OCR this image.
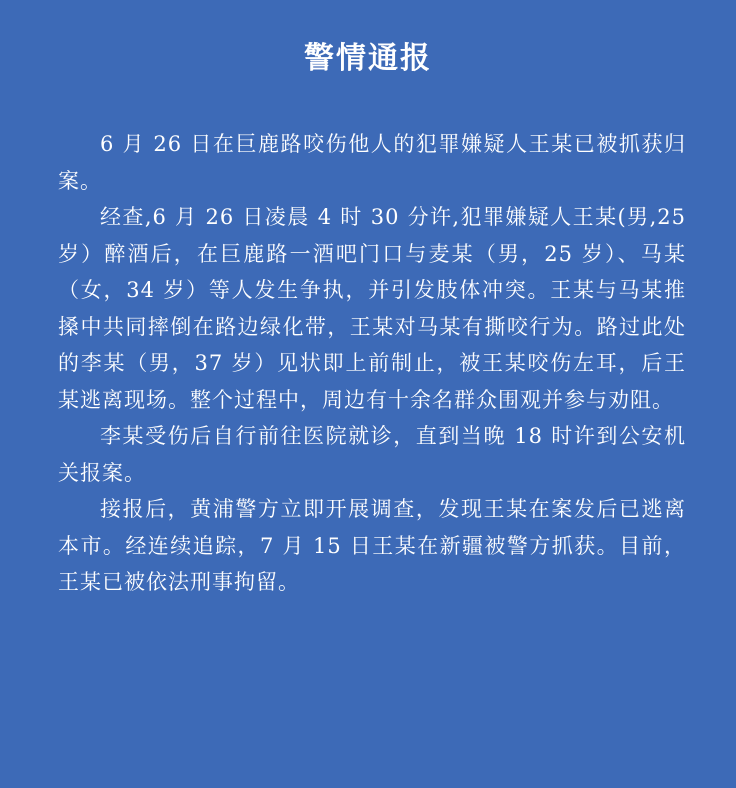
警情通报

6 月 26 日在巨鹿路咬伤他人的犯罪嫌疑人王某已被抓获归案。

经查,6 月 26 日凌晨 4 时 30 分许,犯罪嫌疑人王某(男,25 岁）醉酒后，在巨鹿路一酒吧门口与麦某（男，25 岁）、马某（女，34 岁）等人发生争执，并引发肢体冲突。王某与马某推搡中共同摔倒在路边绿化带，王某对马某有撕咬行为。路过此处的李某（男，37 岁）见状即上前制止，被王某咬伤左耳，后王某逃离现场。整个过程中，周边有十余名群众围观并参与劝阻。

李某受伤后自行前往医院就诊，直到当晚 18 时许到公安机关报案。

接报后，黄浦警方立即开展调查，发现王某在案发后已逃离本市。经连续追踪，7 月 15 日王某在新疆被警方抓获。目前，王某已被依法刑事拘留。
